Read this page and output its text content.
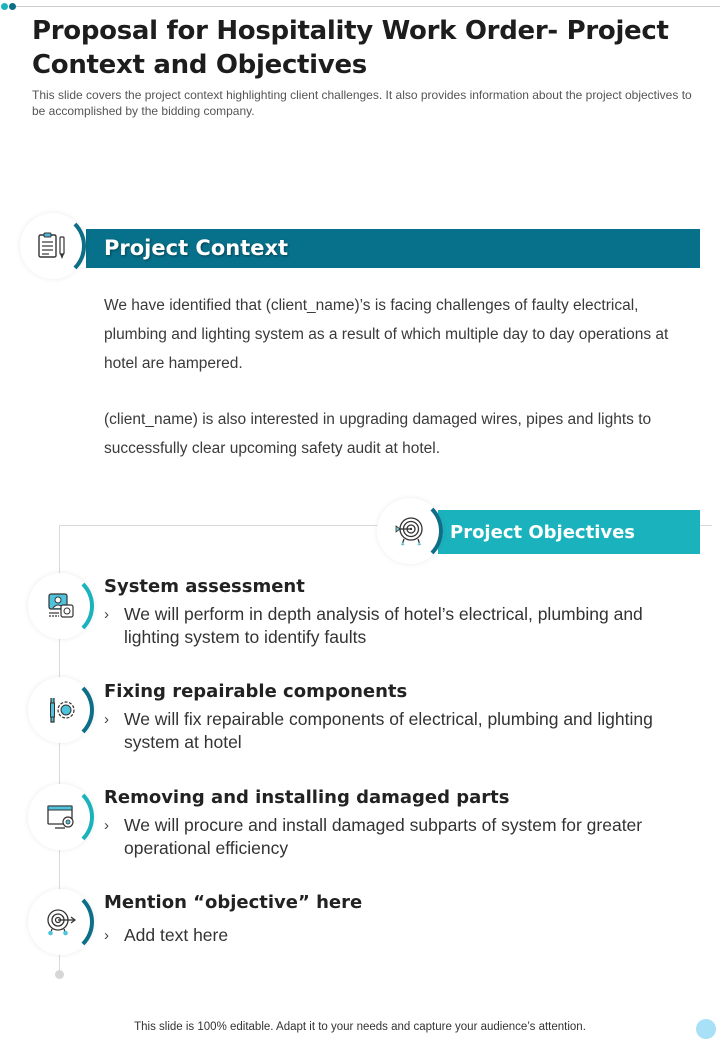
Proposal for Hospitality Work Order- Project Context and Objectives

This slide covers the project context highlighting client challenges. It also provides information about the project objectives to be accomplished by the bidding company.

Project Context

We have identified that (client_name)’s is facing challenges of faulty electrical, plumbing and lighting system as a result of which multiple day to day operations at hotel are hampered.

(client_name) is also interested in upgrading damaged wires, pipes and lights to successfully clear upcoming safety audit at hotel.

Project Objectives
System assessment

› We will perform in depth analysis of hotel’s electrical, plumbing and lighting system to identify faults

Fixing repairable components

› We will fix repairable components of electrical, plumbing and lighting system at hotel

Removing and installing damaged parts

› We will procure and install damaged subparts of system for greater operational efficiency

Mention “objective” here

› Add text here

This slide is 100% editable. Adapt it to your needs and capture your audience’s attention.
